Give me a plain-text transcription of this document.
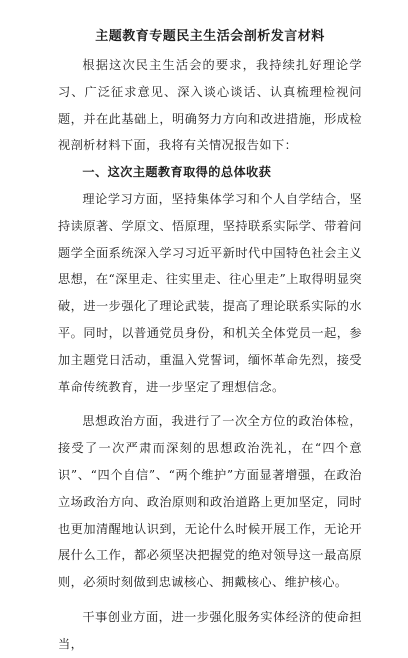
主题教育专题民主生活会剖析发言材料

根据这次民主生活会的要求，我持续扎好理论学习、广泛征求意见、深入谈心谈话、认真梳理检视问题，并在此基础上，明确努力方向和改进措施，形成检视剖析材料下面，我将有关情况报告如下：

一、这次主题教育取得的总体收获

理论学习方面，坚持集体学习和个人自学结合，坚持读原著、学原文、悟原理，坚持联系实际学、带着问题学全面系统深入学习习近平新时代中国特色社会主义思想，在“深里走、往实里走、往心里走”上取得明显突破，进一步强化了理论武装，提高了理论联系实际的水平。同时，以普通党员身份，和机关全体党员一起，参加主题党日活动，重温入党誓词，缅怀革命先烈，接受革命传统教育，进一步坚定了理想信念。

思想政治方面，我进行了一次全方位的政治体检，接受了一次严肃而深刻的思想政治洗礼，在“四个意识”、“四个自信”、“两个维护”方面显著增强，在政治立场政治方向、政治原则和政治道路上更加坚定，同时也更加清醒地认识到，无论什么时候开展工作，无论开展什么工作，都必须坚决把握党的绝对领导这一最高原则，必须时刻做到忠诚核心、拥戴核心、维护核心。

干事创业方面，进一步强化服务实体经济的使命担当，
